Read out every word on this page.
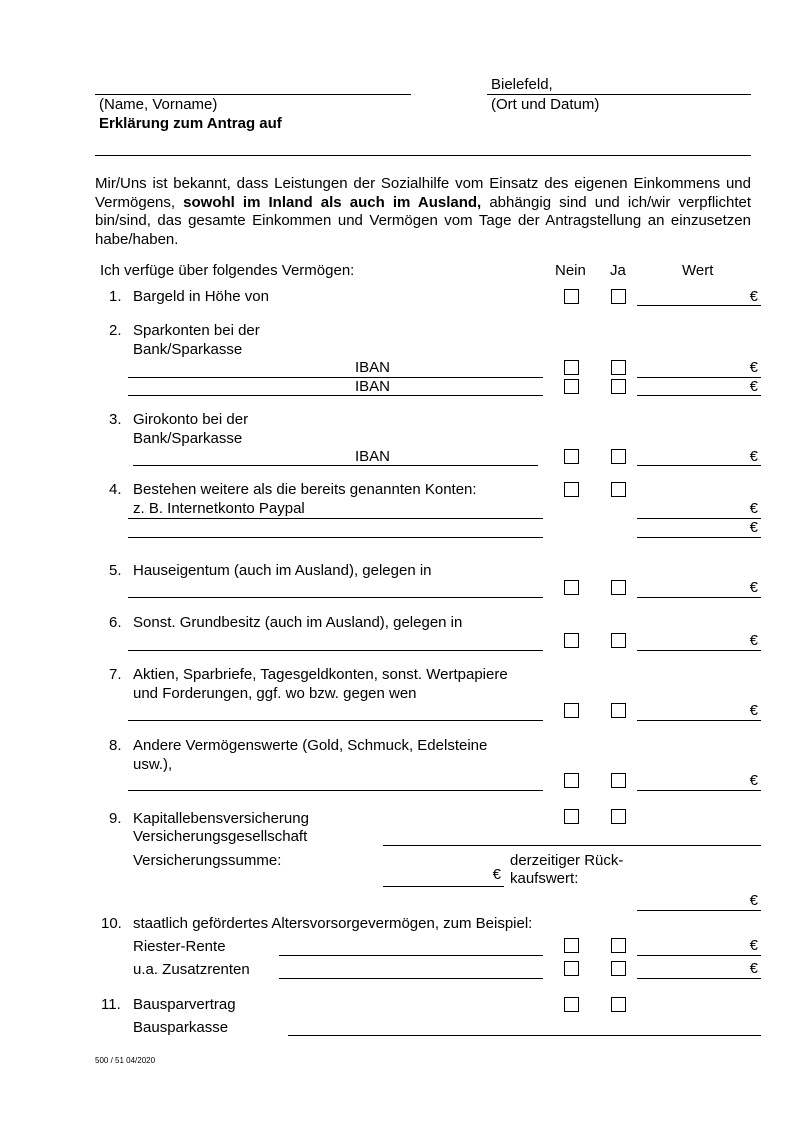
(Name, Vorname)
Bielefeld,
(Ort und Datum)
Erklärung zum Antrag auf
Mir/Uns ist bekannt, dass Leistungen der Sozialhilfe vom Einsatz des eigenen Einkommens und Vermögens, sowohl im Inland als auch im Ausland, abhängig sind und ich/wir verpflichtet bin/sind, das gesamte Einkommen und Vermögen vom Tage der Antragstellung an einzusetzen habe/haben.
Ich verfüge über folgendes Vermögen:	Nein Ja	Wert
1. Bargeld in Höhe von	€
2. Sparkonten bei der
Bank/Sparkasse
IBAN	€
IBAN	€
3. Girokonto bei der
Bank/Sparkasse
IBAN	€
4. Bestehen weitere als die bereits genannten Konten:
z. B. Internetkonto Paypal	€
€
5. Hauseigentum (auch im Ausland), gelegen in
€
6. Sonst. Grundbesitz (auch im Ausland), gelegen in
€
7. Aktien, Sparbriefe, Tagesgeldkonten, sonst. Wertpapiere
und Forderungen, ggf. wo bzw. gegen wen
€
8. Andere Vermögenswerte (Gold, Schmuck, Edelsteine
usw.),
€
9. Kapitallebensversicherung
Versicherungsgesellschaft
Versicherungssumme:
€
derzeitiger Rück-
kaufswert:
€
10. staatlich gefördertes Altersvorsorgevermögen, zum Beispiel:
Riester-Rente	€
u.a. Zusatzrenten	€
11. Bausparvertrag
Bausparkasse
500 / 51 04/2020
